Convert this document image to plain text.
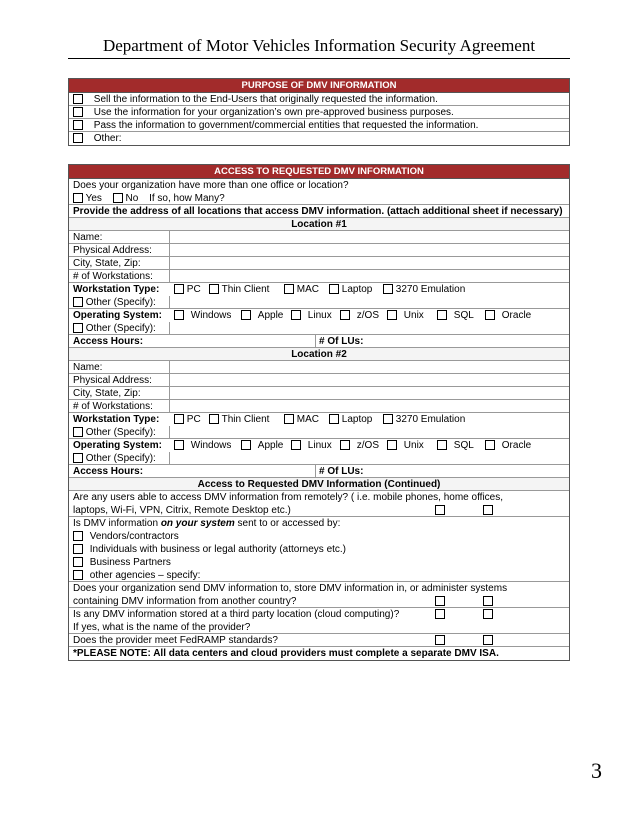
Department of Motor Vehicles Information Security Agreement
PURPOSE OF DMV INFORMATION
Sell the information to the End-Users that originally requested the information.
Use the information for your organization’s own pre-approved business purposes.
Pass the information to government/commercial entities that requested the information.
Other:
ACCESS TO REQUESTED DMV INFORMATION
Does your organization have more than one office or location?
Yes No If so, how Many?
Provide the address of all locations that access DMV information. (attach additional sheet if necessary)
Location #1
Name:
Physical Address:
City, State, Zip:
# of Workstations:
Workstation Type:	PC	Thin Client	MAC	Laptop	3270 Emulation
Other (Specify):
Operating System:	Windows	Apple	Linux	z/OS	Unix	SQL	Oracle
Other (Specify):
Access Hours:	# Of LUs:
Location #2
Name:
Physical Address:
City, State, Zip:
# of Workstations:
Workstation Type:	PC	Thin Client	MAC	Laptop	3270 Emulation
Other (Specify):
Operating System:	Windows	Apple	Linux	z/OS	Unix	SQL	Oracle
Other (Specify):
Access Hours:	# Of LUs:
Access to Requested DMV Information (Continued)
Are any users able to access DMV information from remotely? ( i.e. mobile phones, home offices,
laptops, Wi-Fi, VPN, Citrix, Remote Desktop etc.)
Is DMV information on your system sent to or accessed by:
Vendors/contractors
Individuals with business or legal authority (attorneys etc.)
Business Partners
other agencies – specify:
Does your organization send DMV information to, store DMV information in, or administer systems
containing DMV information from another country?
Is any DMV information stored at a third party location (cloud computing)?
If yes, what is the name of the provider?
Does the provider meet FedRAMP standards?
*PLEASE NOTE: All data centers and cloud providers must complete a separate DMV ISA.
3
